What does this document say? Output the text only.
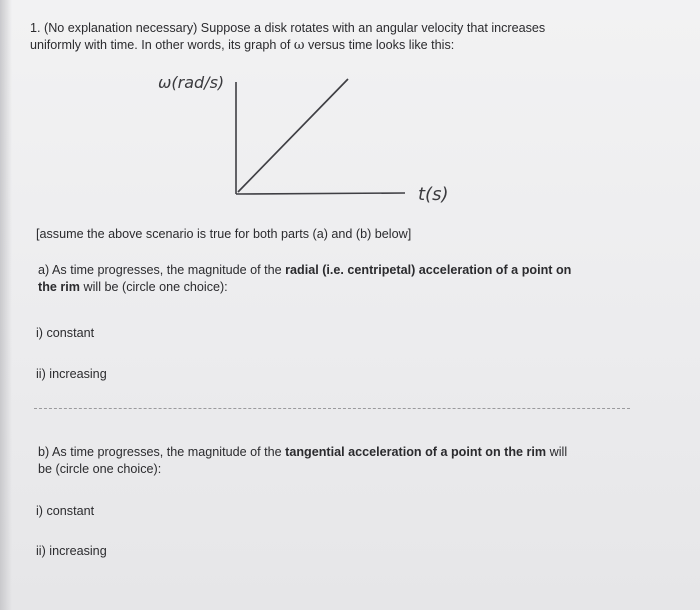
1. (No explanation necessary) Suppose a disk rotates with an angular velocity that increases
uniformly with time. In other words, its graph of ω versus time looks like this:
ω(rad/s)
t(s)
[assume the above scenario is true for both parts (a) and (b) below]
a) As time progresses, the magnitude of the radial (i.e. centripetal) acceleration of a point on
the rim will be (circle one choice):
i) constant
ii) increasing
b) As time progresses, the magnitude of the tangential acceleration of a point on the rim will
be (circle one choice):
i) constant
ii) increasing
